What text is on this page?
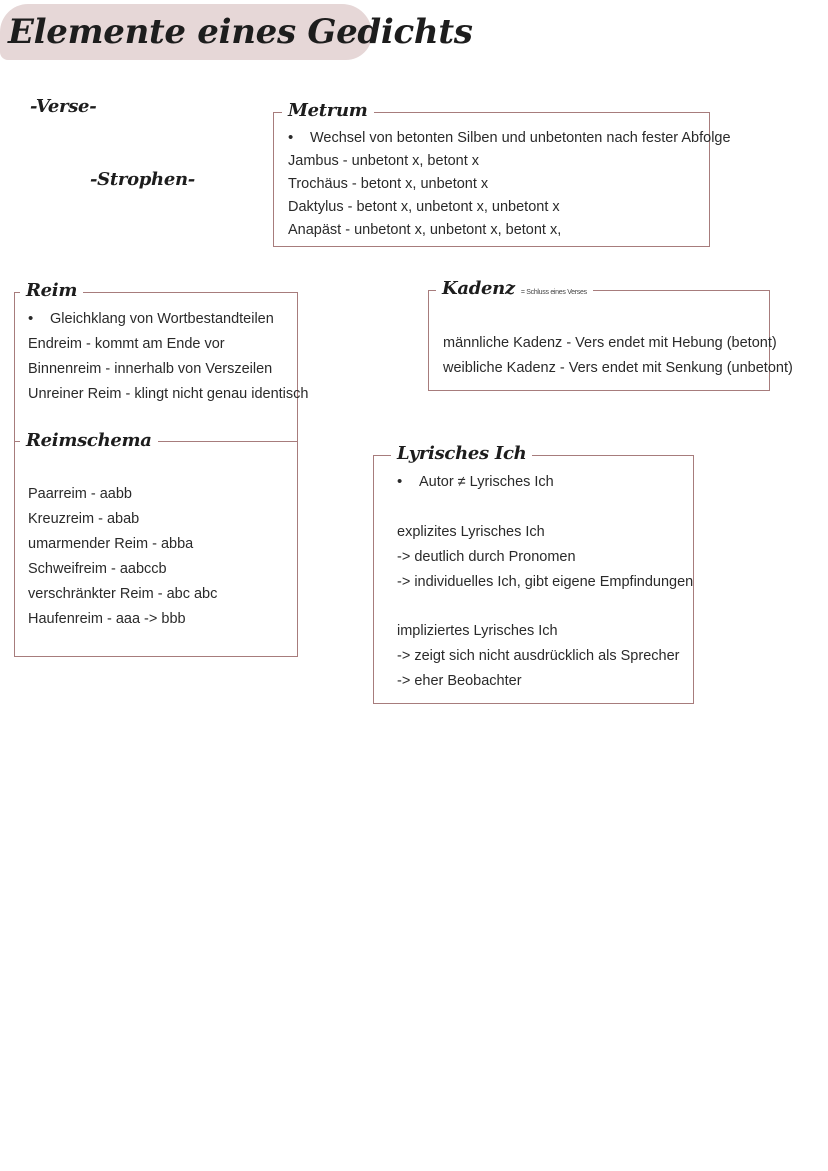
Elemente eines Gedichts
-Verse-
-Strophen-
Metrum
• Wechsel von betonten Silben und unbetonten nach fester Abfolge
Jambus - unbetont x, betont x
Trochäus - betont x, unbetont x
Daktylus - betont x, unbetont x, unbetont x
Anapäst - unbetont x, unbetont x, betont x,
Reim
• Gleichklang von Wortbestandteilen
Endreim - kommt am Ende vor
Binnenreim - innerhalb von Verszeilen
Unreiner Reim - klingt nicht genau identisch
Reimschema
Paarreim - aabb
Kreuzreim - abab
umarmender Reim - abba
Schweifreim - aabccb
verschränkter Reim - abc abc
Haufenreim - aaa -> bbb
Kadenz = Schluss eines Verses
männliche Kadenz - Vers endet mit Hebung (betont)
weibliche Kadenz - Vers endet mit Senkung (unbetont)
Lyrisches Ich
• Autor ≠ Lyrisches Ich
explizites Lyrisches Ich
-> deutlich durch Pronomen
-> individuelles Ich, gibt eigene Empfindungen
impliziertes Lyrisches Ich
-> zeigt sich nicht ausdrücklich als Sprecher
-> eher Beobachter
